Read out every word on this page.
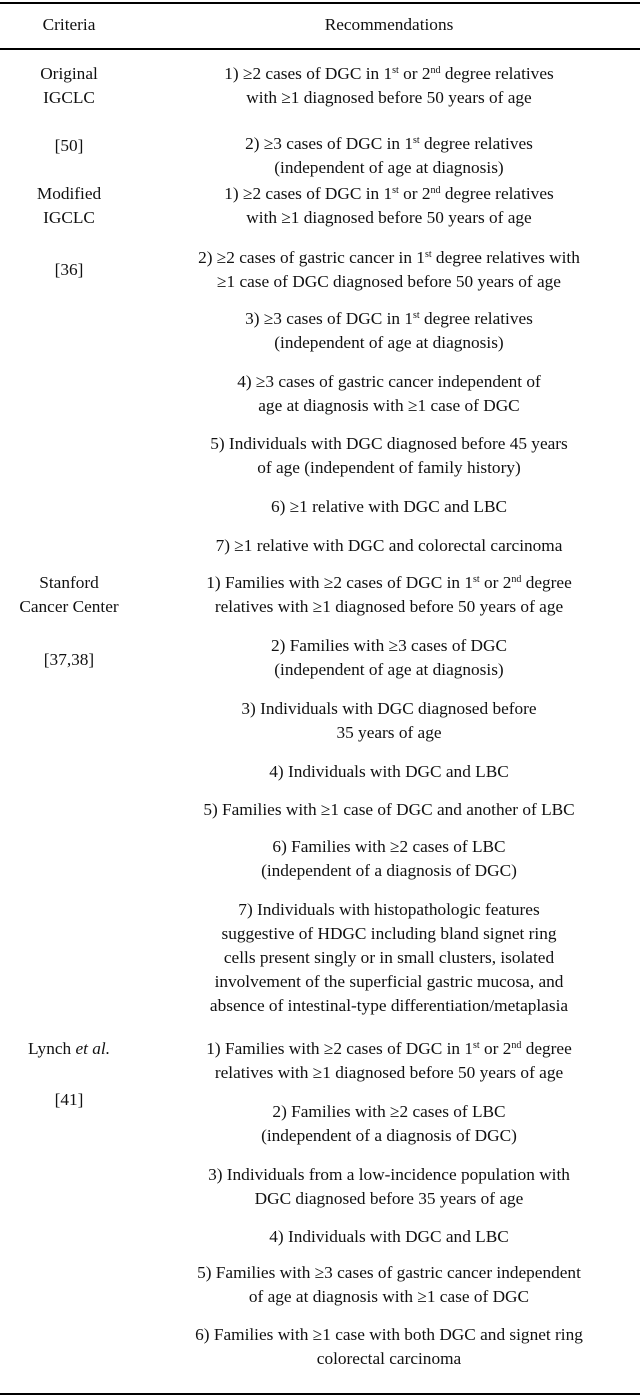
Criteria	Recommendations
Original
IGCLC
[50]
1) ≥2 cases of DGC in 1st or 2nd degree relatives
with ≥1 diagnosed before 50 years of age
2) ≥3 cases of DGC in 1st degree relatives
(independent of age at diagnosis)
Modified
IGCLC
[36]
1) ≥2 cases of DGC in 1st or 2nd degree relatives
with ≥1 diagnosed before 50 years of age
2) ≥2 cases of gastric cancer in 1st degree relatives with
≥1 case of DGC diagnosed before 50 years of age
3) ≥3 cases of DGC in 1st degree relatives
(independent of age at diagnosis)
4) ≥3 cases of gastric cancer independent of
age at diagnosis with ≥1 case of DGC
5) Individuals with DGC diagnosed before 45 years
of age (independent of family history)
6) ≥1 relative with DGC and LBC
7) ≥1 relative with DGC and colorectal carcinoma
Stanford
Cancer Center
[37,38]
1) Families with ≥2 cases of DGC in 1st or 2nd degree
relatives with ≥1 diagnosed before 50 years of age
2) Families with ≥3 cases of DGC
(independent of age at diagnosis)
3) Individuals with DGC diagnosed before
35 years of age
4) Individuals with DGC and LBC
5) Families with ≥1 case of DGC and another of LBC
6) Families with ≥2 cases of LBC
(independent of a diagnosis of DGC)
7) Individuals with histopathologic features
suggestive of HDGC including bland signet ring
cells present singly or in small clusters, isolated
involvement of the superficial gastric mucosa, and
absence of intestinal-type differentiation/metaplasia
Lynch et al.
[41]
1) Families with ≥2 cases of DGC in 1st or 2nd degree
relatives with ≥1 diagnosed before 50 years of age
2) Families with ≥2 cases of LBC
(independent of a diagnosis of DGC)
3) Individuals from a low-incidence population with
DGC diagnosed before 35 years of age
4) Individuals with DGC and LBC
5) Families with ≥3 cases of gastric cancer independent
of age at diagnosis with ≥1 case of DGC
6) Families with ≥1 case with both DGC and signet ring
colorectal carcinoma
